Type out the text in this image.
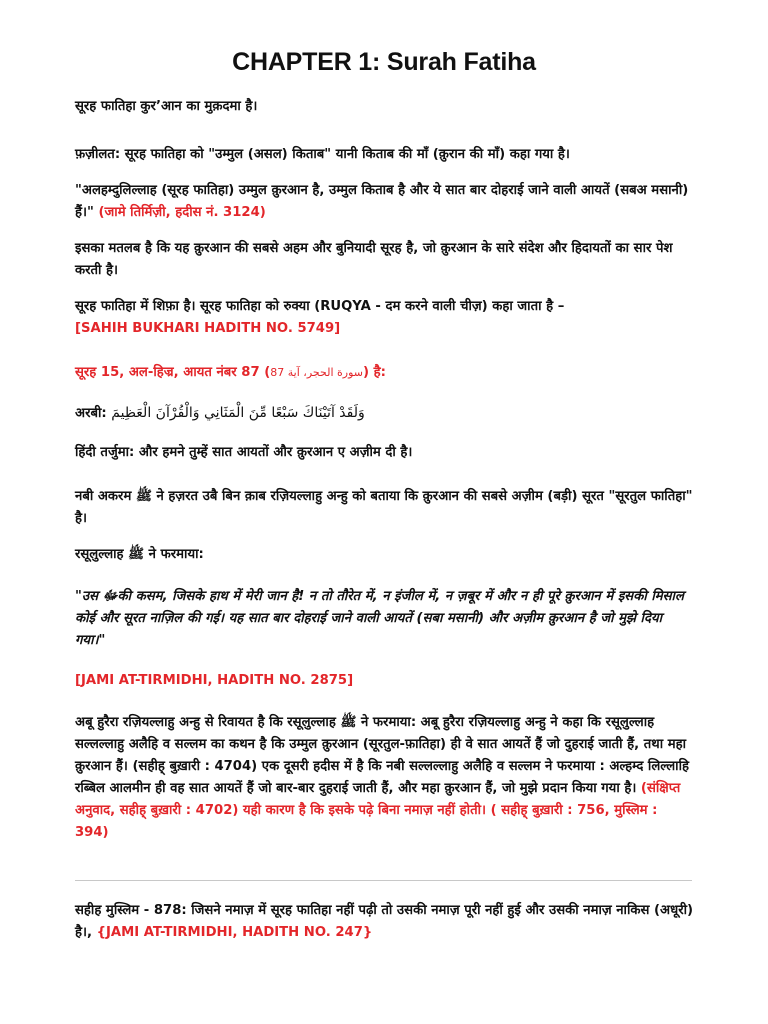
CHAPTER 1: Surah Fatiha
सूरह फातिहा कुर’आन का मुक़दमा है।
फ़ज़ीलत: सूरह फातिहा को "उम्मुल (असल) किताब" यानी किताब की माँ (क़ुरान की माँ) कहा गया है।
"अलहम्दुलिल्लाह (सूरह फातिहा) उम्मुल क़ुरआन है, उम्मुल किताब है और ये सात बार दोहराई जाने वाली आयतें (सबअ मसानी) हैं।" (जामे तिर्मिज़ी, हदीस नं. 3124)
इसका मतलब है कि यह क़ुरआन की सबसे अहम और बुनियादी सूरह है, जो क़ुरआन के सारे संदेश और हिदायतों का सार पेश करती है।
सूरह फातिहा में शिफ़ा है। सूरह फातिहा को रुक्या (RUQYA - दम करने वाली चीज़) कहा जाता है –
[SAHIH BUKHARI HADITH NO. 5749]
सूरह 15, अल-हिज्र, आयत नंबर 87 (سورة الحجر، آية 87) है:
अरबी: وَلَقَدْ آتَيْنَاكَ سَبْعًا مِّنَ الْمَثَانِي وَالْقُرْآنَ الْعَظِيمَ
हिंदी तर्जुमा: और हमने तुम्हें सात आयतों और क़ुरआन ए अज़ीम दी है।
नबी अकरम ﷺ ने हज़रत उबै बिन क़ाब रज़ियल्लाहु अन्हु को बताया कि क़ुरआन की सबसे अज़ीम (बड़ी) सूरत "सूरतुल फातिहा" है।
रसूलुल्लाह ﷺ ने फरमाया:
"उस ﷻकी कसम, जिसके हाथ में मेरी जान है! न तो तौरेत में, न इंजील में, न ज़बूर में और न ही पूरे क़ुरआन में इसकी मिसाल कोई और सूरत नाज़िल की गई। यह सात बार दोहराई जाने वाली आयतें (सबा मसानी) और अज़ीम क़ुरआन है जो मुझे दिया गया।"
[JAMI AT-TIRMIDHI, HADITH NO. 2875]
अबू हुरैरा रज़ियल्लाहु अन्हु से रिवायत है कि रसूलुल्लाह ﷺ ने फरमाया: अबू हुरैरा रज़ियल्लाहु अन्हु ने कहा कि रसूलुल्लाह सल्लल्लाहु अलैहि व सल्लम का कथन है कि उम्मुल क़ुरआन (सूरतुल-फ़ातिहा) ही वे सात आयतें हैं जो दुहराई जाती हैं, तथा महा क़ुरआन हैं। (सहीह् बुख़ारी : 4704) एक दूसरी हदीस में है कि नबी सल्लल्लाहु अलैहि व सल्लम ने फरमाया : अल्हम्द लिल्लाहि रब्बिल आलमीन ही वह सात आयतें हैं जो बार-बार दुहराई जाती हैं, और महा क़ुरआन हैं, जो मुझे प्रदान किया गया है। (संक्षिप्त अनुवाद, सहीह् बुख़ारी : 4702) यही कारण है कि इसके पढ़े बिना नमाज़ नहीं होती। ( सहीह् बुख़ारी : 756, मुस्लिम : 394)
सहीह मुस्लिम - 878: जिसने नमाज़ में सूरह फातिहा नहीं पढ़ी तो उसकी नमाज़ पूरी नहीं हुई और उसकी नमाज़ नाकिस (अधूरी) है।, {JAMI AT-TIRMIDHI, HADITH NO. 247}
